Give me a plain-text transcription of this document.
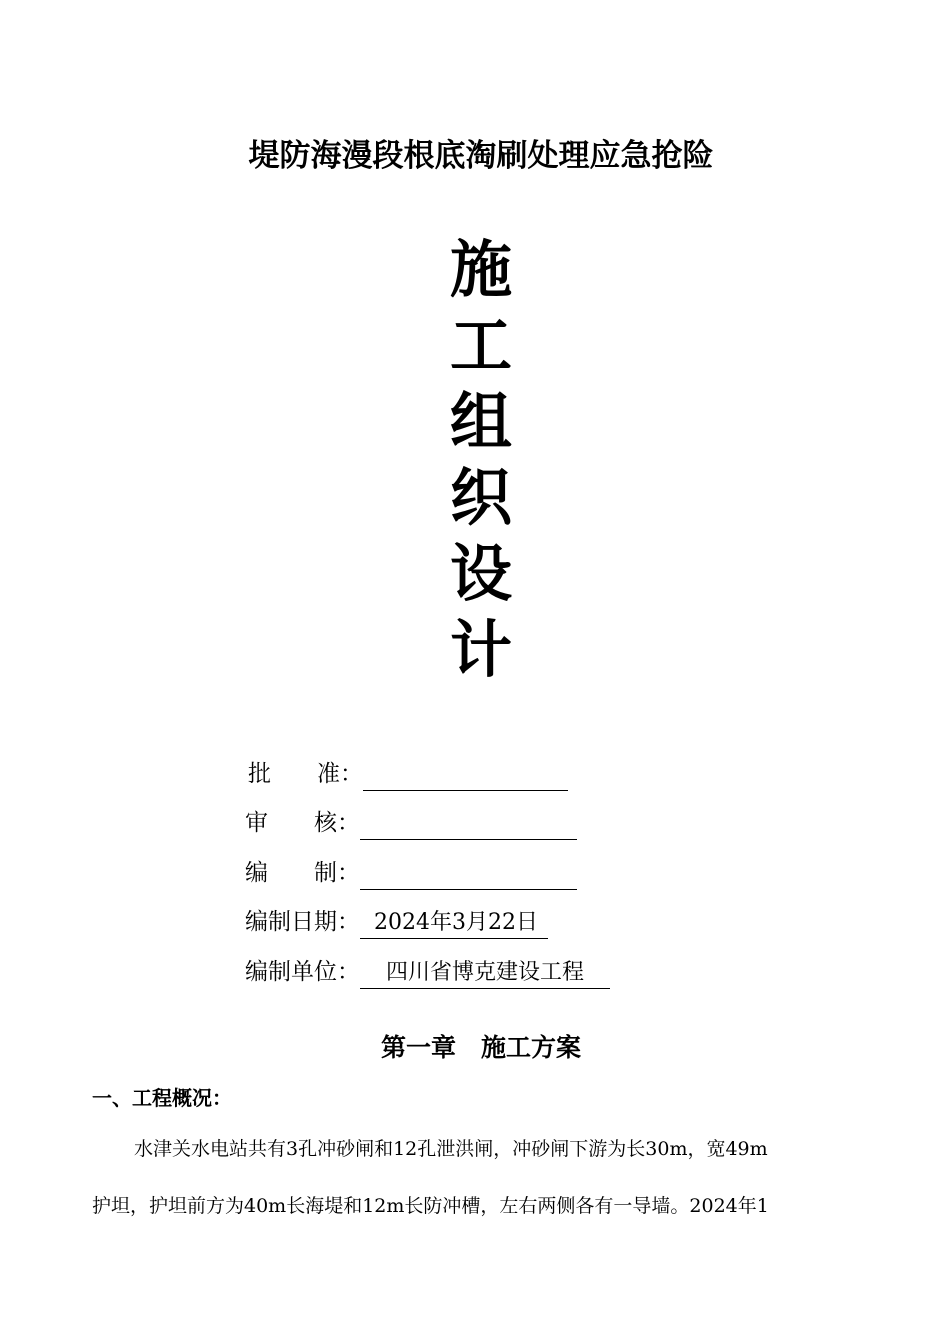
堤防海漫段根底淘刷处理应急抢险
施
工
组
织
设
计
批　　准：
审　　核：
编　　制：
编制日期： 2024年3月22日
编制单位： 四川省博克建设工程
第一章　施工方案
一、工程概况：
水津关水电站共有3孔冲砂闸和12孔泄洪闸，冲砂闸下游为长30m，宽49m
护坦，护坦前方为40m长海堤和12m长防冲槽，左右两侧各有一导墙。2024年1
